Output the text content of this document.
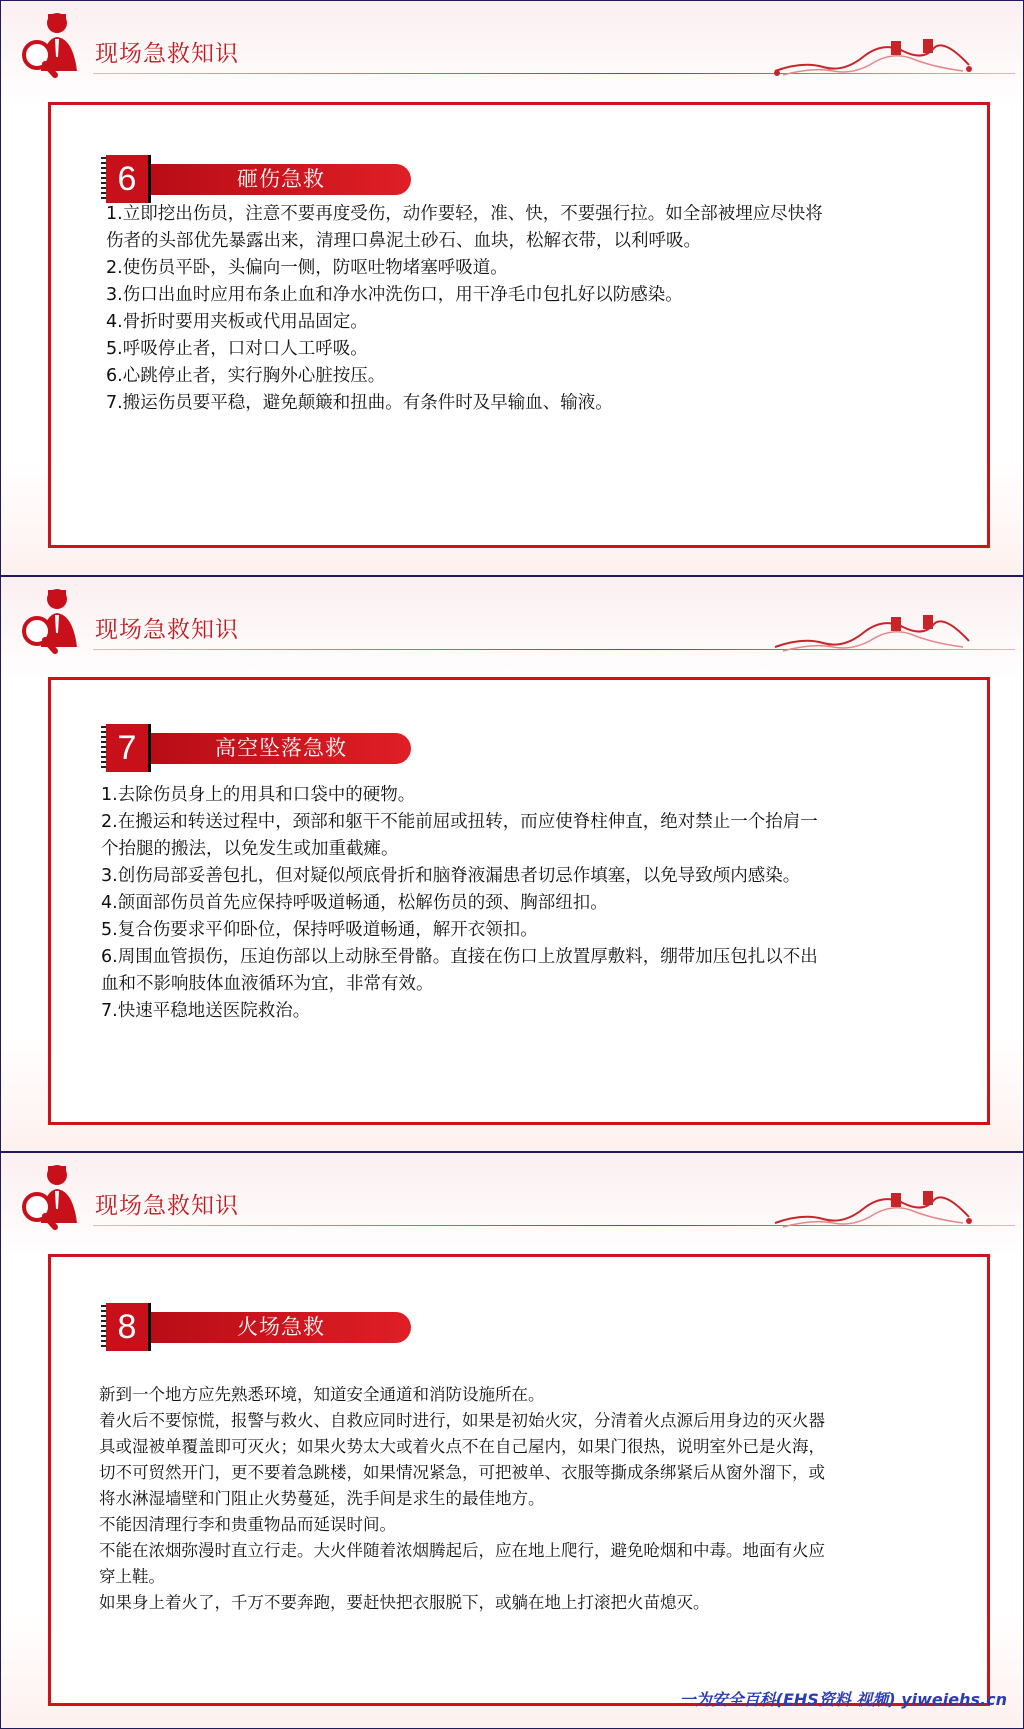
现场急救知识
6	砸伤急救

1.立即挖出伤员，注意不要再度受伤，动作要轻，准、快，不要强行拉。如全部被埋应尽快将

伤者的头部优先暴露出来，清理口鼻泥土砂石、血块，松解衣带，以利呼吸。

2.使伤员平卧，头偏向一侧，防呕吐物堵塞呼吸道。

3.伤口出血时应用布条止血和净水冲洗伤口，用干净毛巾包扎好以防感染。

4.骨折时要用夹板或代用品固定。

5.呼吸停止者，口对口人工呼吸。

6.心跳停止者，实行胸外心脏按压。

7.搬运伤员要平稳，避免颠簸和扭曲。有条件时及早输血、输液。

现场急救知识
7	高空坠落急救

1.去除伤员身上的用具和口袋中的硬物。

2.在搬运和转送过程中，颈部和躯干不能前屈或扭转，而应使脊柱伸直，绝对禁止一个抬肩一

个抬腿的搬法，以免发生或加重截瘫。

3.创伤局部妥善包扎，但对疑似颅底骨折和脑脊液漏患者切忌作填塞，以免导致颅内感染。

4.颌面部伤员首先应保持呼吸道畅通，松解伤员的颈、胸部纽扣。

5.复合伤要求平仰卧位，保持呼吸道畅通，解开衣领扣。

6.周围血管损伤，压迫伤部以上动脉至骨骼。直接在伤口上放置厚敷料，绷带加压包扎以不出

血和不影响肢体血液循环为宜，非常有效。

7.快速平稳地送医院救治。

现场急救知识
8	火场急救

新到一个地方应先熟悉环境，知道安全通道和消防设施所在。

着火后不要惊慌，报警与救火、自救应同时进行，如果是初始火灾，分清着火点源后用身边的灭火器

具或湿被单覆盖即可灭火；如果火势太大或着火点不在自己屋内，如果门很热，说明室外已是火海，

切不可贸然开门，更不要着急跳楼，如果情况紧急，可把被单、衣服等撕成条绑紧后从窗外溜下，或

将水淋湿墙壁和门阻止火势蔓延，洗手间是求生的最佳地方。

不能因清理行李和贵重物品而延误时间。

不能在浓烟弥漫时直立行走。大火伴随着浓烟腾起后，应在地上爬行，避免呛烟和中毒。地面有火应

穿上鞋。

如果身上着火了，千万不要奔跑，要赶快把衣服脱下，或躺在地上打滚把火苗熄灭。

一为安全百科(EHS资料 视频) yiweiehs.cn
